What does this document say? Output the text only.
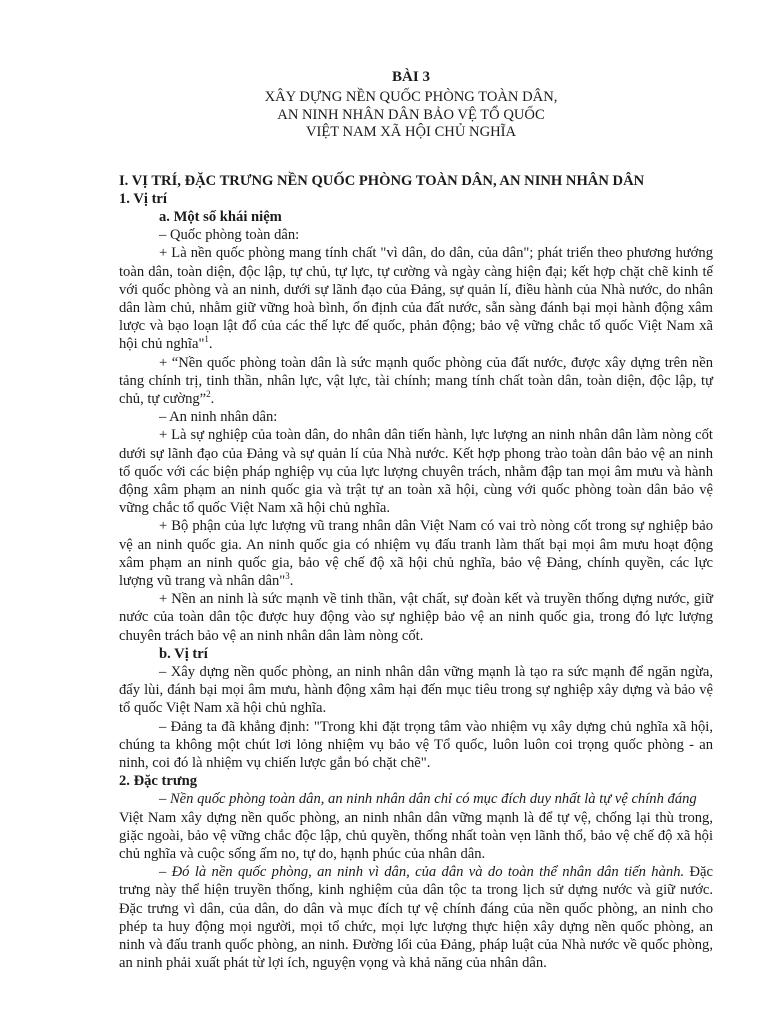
BÀI 3
XÂY DỰNG NỀN QUỐC PHÒNG TOÀN DÂN,
AN NINH NHÂN DÂN BẢO VỆ TỔ QUỐC
VIỆT NAM XÃ HỘI CHỦ NGHĨA
I. VỊ TRÍ, ĐẶC TRƯNG NỀN QUỐC PHÒNG TOÀN DÂN, AN NINH NHÂN DÂN
1. Vị trí
a. Một số khái niệm

– Quốc phòng toàn dân:

+ Là nền quốc phòng mang tính chất "vì dân, do dân, của dân"; phát triển theo phương hướng toàn dân, toàn diện, độc lập, tự chủ, tự lực, tự cường và ngày càng hiện đại; kết hợp chặt chẽ kinh tế với quốc phòng và an ninh, dưới sự lãnh đạo của Đảng, sự quản lí, điều hành của Nhà nước, do nhân dân làm chủ, nhằm giữ vững hoà bình, ổn định của đất nước, sẵn sàng đánh bại mọi hành động xâm lược và bạo loạn lật đổ của các thế lực đế quốc, phản động; bảo vệ vững chắc tổ quốc Việt Nam xã hội chủ nghĩa"$^1$.

+ “Nền quốc phòng toàn dân là sức mạnh quốc phòng của đất nước, được xây dựng trên nền tảng chính trị, tinh thần, nhân lực, vật lực, tài chính; mang tính chất toàn dân, toàn diện, độc lập, tự chủ, tự cường”$^2$.

– An ninh nhân dân:

+ Là sự nghiệp của toàn dân, do nhân dân tiến hành, lực lượng an ninh nhân dân làm nòng cốt dưới sự lãnh đạo của Đảng và sự quản lí của Nhà nước. Kết hợp phong trào toàn dân bảo vệ an ninh tổ quốc với các biện pháp nghiệp vụ của lực lượng chuyên trách, nhằm đập tan mọi âm mưu và hành động xâm phạm an ninh quốc gia và trật tự an toàn xã hội, cùng với quốc phòng toàn dân bảo vệ vững chắc tổ quốc Việt Nam xã hội chủ nghĩa.

+ Bộ phận của lực lượng vũ trang nhân dân Việt Nam có vai trò nòng cốt trong sự nghiệp bảo vệ an ninh quốc gia. An ninh quốc gia có nhiệm vụ đấu tranh làm thất bại mọi âm mưu hoạt động xâm phạm an ninh quốc gia, bảo vệ chế độ xã hội chủ nghĩa, bảo vệ Đảng, chính quyền, các lực lượng vũ trang và nhân dân"$^3$.

+ Nền an ninh là sức mạnh về tinh thần, vật chất, sự đoàn kết và truyền thống dựng nước, giữ nước của toàn dân tộc được huy động vào sự nghiệp bảo vệ an ninh quốc gia, trong đó lực lượng chuyên trách bảo vệ an ninh nhân dân làm nòng cốt.

b. Vị trí

– Xây dựng nền quốc phòng, an ninh nhân dân vững mạnh là tạo ra sức mạnh để ngăn ngừa, đẩy lùi, đánh bại mọi âm mưu, hành động xâm hại đến mục tiêu trong sự nghiệp xây dựng và bảo vệ tổ quốc Việt Nam xã hội chủ nghĩa.

– Đảng ta đã khẳng định: "Trong khi đặt trọng tâm vào nhiệm vụ xây dựng chủ nghĩa xã hội, chúng ta không một chút lơi lỏng nhiệm vụ bảo vệ Tổ quốc, luôn luôn coi trọng quốc phòng - an ninh, coi đó là nhiệm vụ chiến lược gắn bó chặt chẽ".

2. Đặc trưng

– Nền quốc phòng toàn dân, an ninh nhân dân chỉ có mục đích duy nhất là tự vệ chính đáng

Việt Nam xây dựng nền quốc phòng, an ninh nhân dân vững mạnh là để tự vệ, chống lại thù trong, giặc ngoài, bảo vệ vững chắc độc lập, chủ quyền, thống nhất toàn vẹn lãnh thổ, bảo vệ chế độ xã hội chủ nghĩa và cuộc sống ấm no, tự do, hạnh phúc của nhân dân.

– Đó là nền quốc phòng, an ninh vì dân, của dân và do toàn thể nhân dân tiến hành. Đặc trưng này thể hiện truyền thống, kinh nghiệm của dân tộc ta trong lịch sử dựng nước và giữ nước. Đặc trưng vì dân, của dân, do dân và mục đích tự vệ chính đáng của nền quốc phòng, an ninh cho phép ta huy động mọi người, mọi tổ chức, mọi lực lượng thực hiện xây dựng nền quốc phòng, an ninh và đấu tranh quốc phòng, an ninh. Đường lối của Đảng, pháp luật của Nhà nước về quốc phòng, an ninh phải xuất phát từ lợi ích, nguyện vọng và khả năng của nhân dân.
